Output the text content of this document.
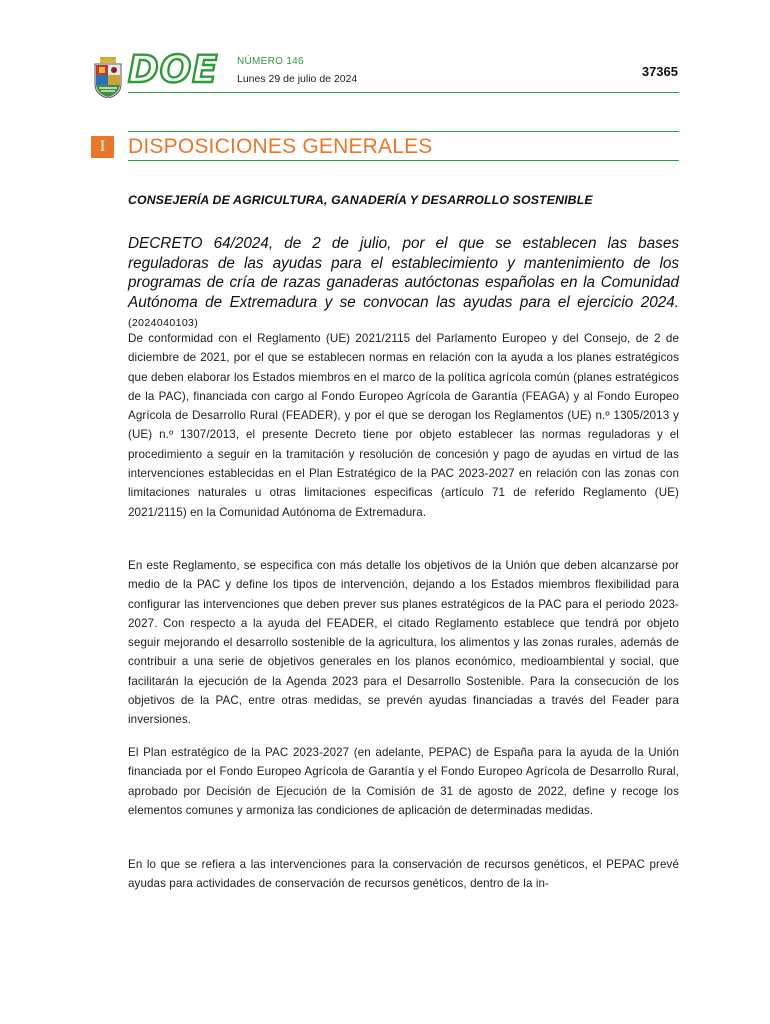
DOE NÚMERO 146
Lunes 29 de julio de 2024	37365
I	DISPOSICIONES GENERALES
CONSEJERÍA DE AGRICULTURA, GANADERÍA Y DESARROLLO SOSTENIBLE
DECRETO 64/2024, de 2 de julio, por el que se establecen las bases reguladoras de las ayudas para el establecimiento y mantenimiento de los programas de cría de razas ganaderas autóctonas españolas en la Comunidad Autónoma de Extremadura y se convocan las ayudas para el ejercicio 2024. (2024040103)

De conformidad con el Reglamento (UE) 2021/2115 del Parlamento Europeo y del Consejo, de 2 de diciembre de 2021, por el que se establecen normas en relación con la ayuda a los planes estratégicos que deben elaborar los Estados miembros en el marco de la política agrícola común (planes estratégicos de la PAC), financiada con cargo al Fondo Europeo Agrícola de Garantía (FEAGA) y al Fondo Europeo Agrícola de Desarrollo Rural (FEADER), y por el que se derogan los Reglamentos (UE) n.º 1305/2013 y (UE) n.º 1307/2013, el presente Decreto tiene por objeto establecer las normas reguladoras y el procedimiento a seguir en la tramitación y resolución de concesión y pago de ayudas en virtud de las intervenciones establecidas en el Plan Estratégico de la PAC 2023-2027 en relación con las zonas con limitaciones naturales u otras limitaciones especificas (artículo 71 de referido Reglamento (UE) 2021/2115) en la Comunidad Autónoma de Extremadura.

En este Reglamento, se especifica con más detalle los objetivos de la Unión que deben alcanzarse por medio de la PAC y define los tipos de intervención, dejando a los Estados miembros flexibilidad para configurar las intervenciones que deben prever sus planes estratégicos de la PAC para el periodo 2023-2027. Con respecto a la ayuda del FEADER, el citado Reglamento establece que tendrá por objeto seguir mejorando el desarrollo sostenible de la agricultura, los alimentos y las zonas rurales, además de contribuir a una serie de objetivos generales en los planos económico, medioambiental y social, que facilitarán la ejecución de la Agenda 2023 para el Desarrollo Sostenible. Para la consecución de los objetivos de la PAC, entre otras medidas, se prevén ayudas financiadas a través del Feader para inversiones.

El Plan estratégico de la PAC 2023-2027 (en adelante, PEPAC) de España para la ayuda de la Unión financiada por el Fondo Europeo Agrícola de Garantía y el Fondo Europeo Agrícola de Desarrollo Rural, aprobado por Decisión de Ejecución de la Comisión de 31 de agosto de 2022, define y recoge los elementos comunes y armoniza las condiciones de aplicación de determinadas medidas.

En lo que se refiera a las intervenciones para la conservación de recursos genéticos, el PEPAC prevé ayudas para actividades de conservación de recursos genéticos, dentro de la in-
